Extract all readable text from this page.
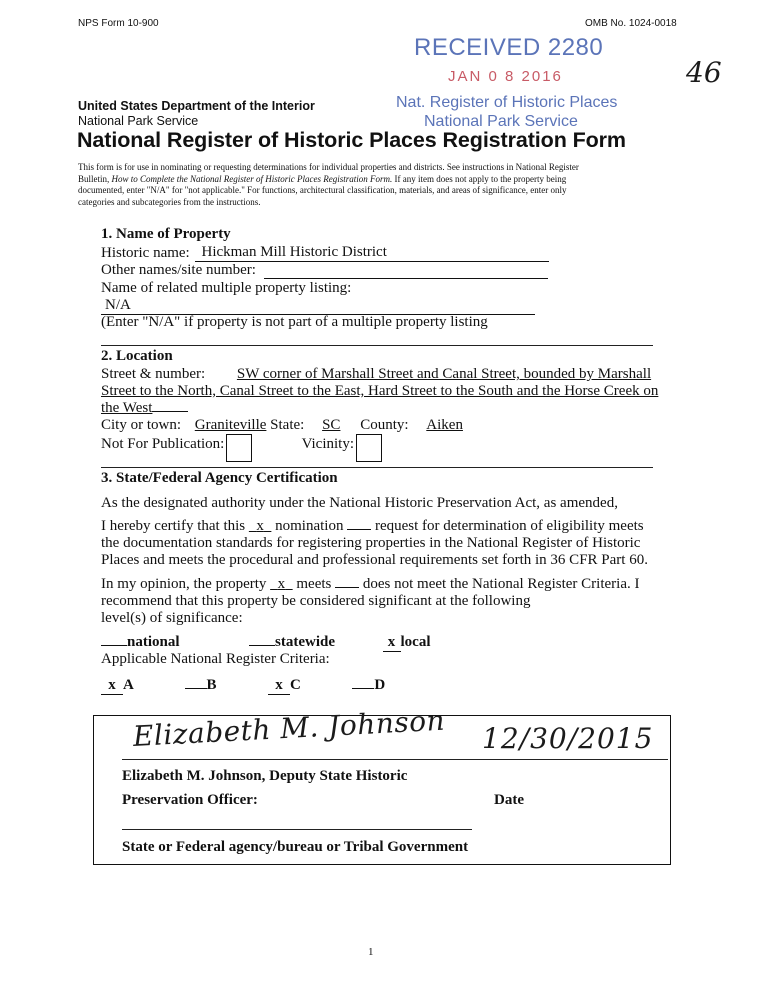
NPS Form 10-900	OMB No. 1024-0018
RECEIVED 2280
JAN 0 8 2016
Nat. Register of Historic Places
National Park Service
46
United States Department of the Interior
National Park Service
National Register of Historic Places Registration Form
This form is for use in nominating or requesting determinations for individual properties and districts. See instructions in National Register
Bulletin, How to Complete the National Register of Historic Places Registration Form. If any item does not apply to the property being
documented, enter "N/A" for "not applicable." For functions, architectural classification, materials, and areas of significance, enter only
categories and subcategories from the instructions.
1. Name of Property
Historic name: Hickman Mill Historic District
Other names/site number:
Name of related multiple property listing:
N/A
(Enter "N/A" if property is not part of a multiple property listing
2. Location
Street & number: SW corner of Marshall Street and Canal Street, bounded by Marshall
Street to the North, Canal Street to the East, Hard Street to the South and the Horse Creek on
the West
City or town: Graniteville State: SC County: Aiken
Not For Publication:	Vicinity:
3. State/Federal Agency Certification
As the designated authority under the National Historic Preservation Act, as amended,
I hereby certify that this   x  nomination request for determination of eligibility meets
the documentation standards for registering properties in the National Register of Historic
Places and meets the procedural and professional requirements set forth in 36 CFR Part 60.
In my opinion, the property   x  meets does not meet the National Register Criteria. I
recommend that this property be considered significant at the following
level(s) of significance:
national	statewide	x local
Applicable National Register Criteria:
x A	B	x C	D
Elizabeth M. Johnson 12/30/2015
Elizabeth M. Johnson, Deputy State Historic
Preservation Officer:	Date
State or Federal agency/bureau or Tribal Government
1
